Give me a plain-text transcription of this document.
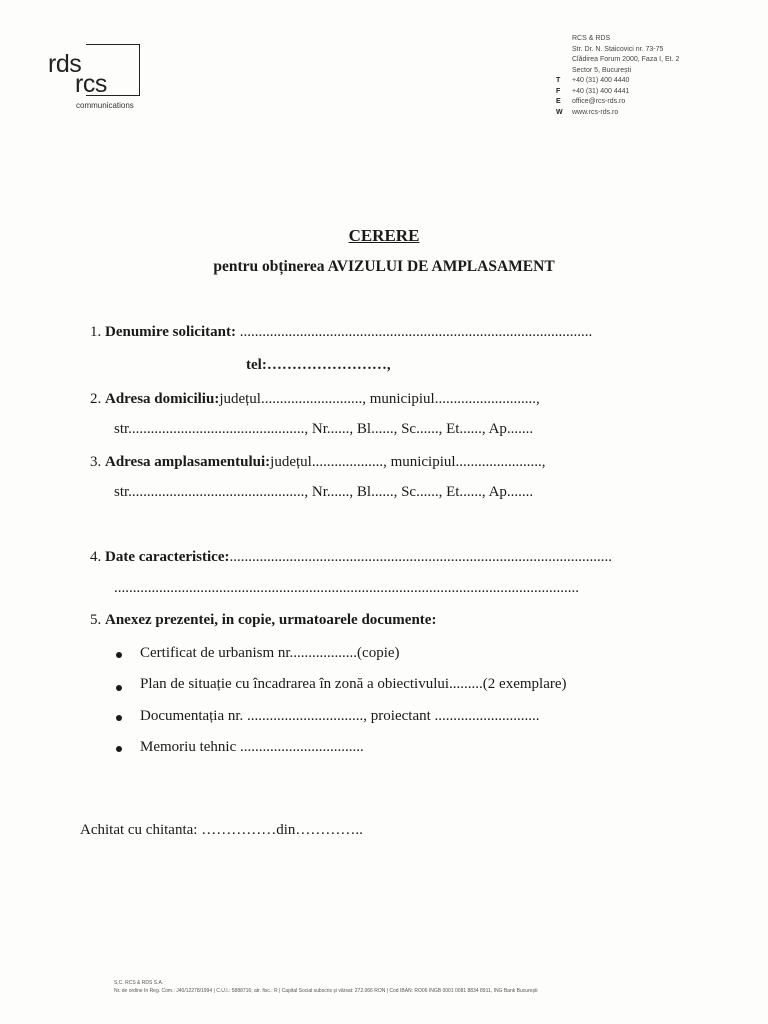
rds
rcs
communications
RCS & RDS
Str. Dr. N. Staicovici nr. 73-75
Clădirea Forum 2000, Faza I, Et. 2
Sector 5, București
T	+40 (31) 400 4440
F	+40 (31) 400 4441
E	office@rcs-rds.ro
W	www.rcs-rds.ro
CERERE
pentru obținerea AVIZULUI DE AMPLASAMENT
1. Denumire solicitant: ..............................................................................................
tel:……………………,
2. Adresa domiciliu:județul..........................., municipiul...........................,
str..............................................., Nr......, Bl......, Sc......, Et......, Ap.......
3. Adresa amplasamentului:județul..................., municipiul.......................,
str..............................................., Nr......, Bl......, Sc......, Et......, Ap.......
4. Date caracteristice:......................................................................................................
............................................................................................................................
5. Anexez prezentei, in copie, urmatoarele documente:
Certificat de urbanism nr..................(copie)
Plan de situație cu încadrarea în zonă a obiectivului.........(2 exemplare)
Documentația nr. ..............................., proiectant ............................
Memoriu tehnic .................................
Achitat cu chitanta: ……………din…………..
S.C. RCS & RDS S.A.
Nr. de ordine în Reg. Com.: J40/12278/1994 | C.U.I.: 5888716; atr. fisc.: R | Capital Social subscris și vărsat: 272.066 RON | Cod IBAN: RO06 INGB 0001 0081 8834 8911, ING Bank București
